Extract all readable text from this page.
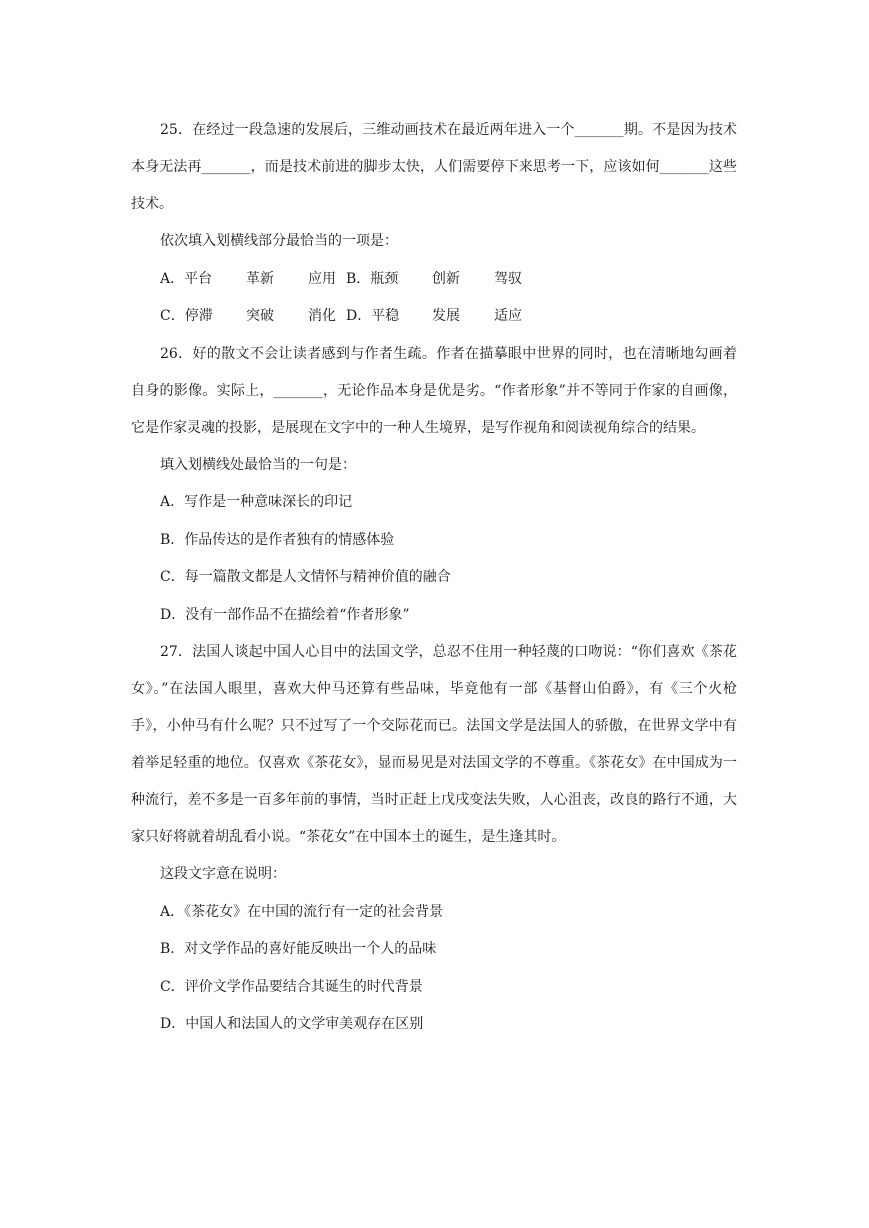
25．在经过一段急速的发展后，三维动画技术在最近两年进入一个_______期。不是因为技术本身无法再_______，而是技术前进的脚步太快，人们需要停下来思考一下，应该如何_______这些技术。

依次填入划横线部分最恰当的一项是：

A．平台	革新	应用 B．瓶颈	创新	驾驭
C．停滞	突破	消化 D．平稳	发展	适应

26．好的散文不会让读者感到与作者生疏。作者在描摹眼中世界的同时，也在清晰地勾画着自身的影像。实际上，_______，无论作品本身是优是劣。“作者形象”并不等同于作家的自画像，它是作家灵魂的投影，是展现在文字中的一种人生境界，是写作视角和阅读视角综合的结果。

填入划横线处最恰当的一句是：

A．写作是一种意味深长的印记

B．作品传达的是作者独有的情感体验

C．每一篇散文都是人文情怀与精神价值的融合

D．没有一部作品不在描绘着“作者形象”

27．法国人谈起中国人心目中的法国文学，总忍不住用一种轻蔑的口吻说：“你们喜欢《茶花女》。”在法国人眼里，喜欢大仲马还算有些品味，毕竟他有一部《基督山伯爵》，有《三个火枪手》，小仲马有什么呢？只不过写了一个交际花而已。法国文学是法国人的骄傲，在世界文学中有着举足轻重的地位。仅喜欢《茶花女》，显而易见是对法国文学的不尊重。《茶花女》在中国成为一种流行，差不多是一百多年前的事情，当时正赶上戊戌变法失败，人心沮丧，改良的路行不通，大家只好将就着胡乱看小说。“茶花女”在中国本土的诞生，是生逢其时。

这段文字意在说明：

A．《茶花女》在中国的流行有一定的社会背景

B．对文学作品的喜好能反映出一个人的品味

C．评价文学作品要结合其诞生的时代背景

D．中国人和法国人的文学审美观存在区别
